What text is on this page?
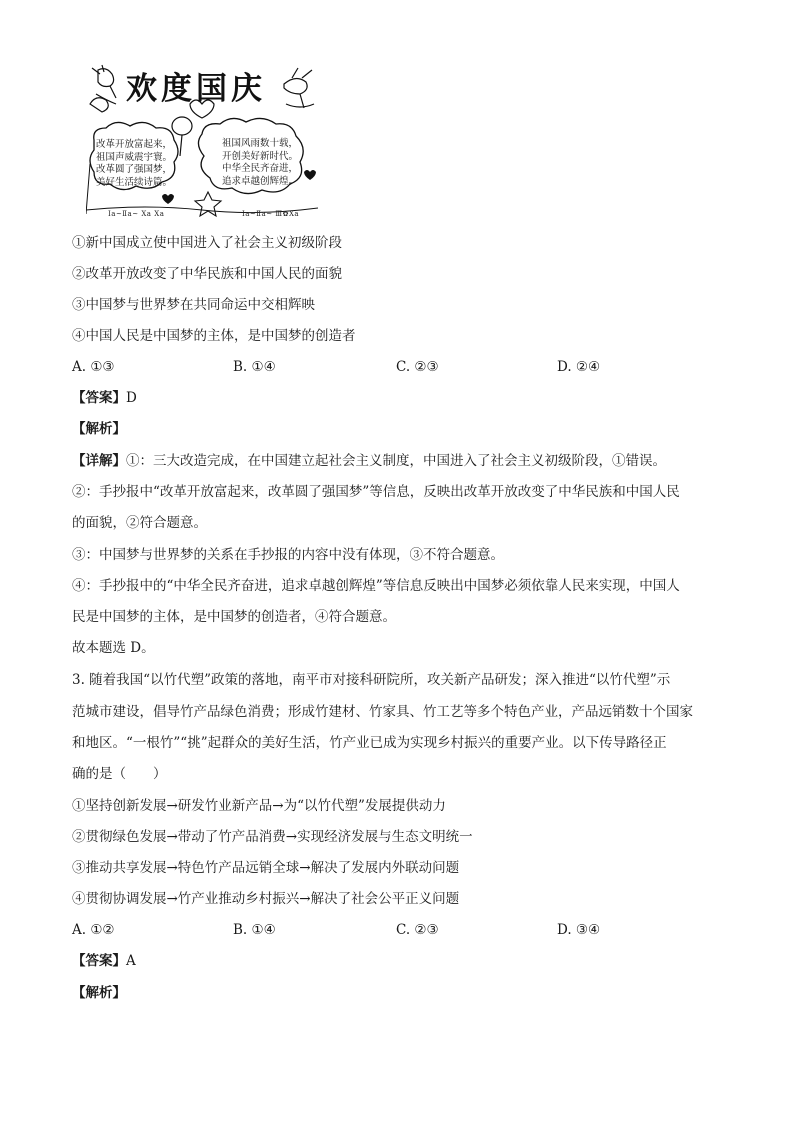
欢度国庆
改革开放富起来，
祖国声威震宇寰。
改革圆了强国梦，
美好生活续诗篇。
祖国风雨数十载，
开创美好新时代。
中华全民齐奋进，
追求卓越创辉煌。
Ⅰa~Ⅱa~ Ⅹa Ⅹa	Ⅰa~Ⅱa~ Ⅲ✿Ⅹa
①新中国成立使中国进入了社会主义初级阶段
②改革开放改变了中华民族和中国人民的面貌
③中国梦与世界梦在共同命运中交相辉映
④中国人民是中国梦的主体，是中国梦的创造者
A. ①③	B. ①④	C. ②③	D. ②④
【答案】D
【解析】
【详解】①：三大改造完成，在中国建立起社会主义制度，中国进入了社会主义初级阶段，①错误。
②：手抄报中“改革开放富起来，改革圆了强国梦”等信息，反映出改革开放改变了中华民族和中国人民
的面貌，②符合题意。
③：中国梦与世界梦的关系在手抄报的内容中没有体现，③不符合题意。
④：手抄报中的“中华全民齐奋进，追求卓越创辉煌”等信息反映出中国梦必须依靠人民来实现，中国人
民是中国梦的主体，是中国梦的创造者，④符合题意。
故本题选 D。
3. 随着我国“以竹代塑”政策的落地，南平市对接科研院所，攻关新产品研发；深入推进“以竹代塑”示
范城市建设，倡导竹产品绿色消费；形成竹建材、竹家具、竹工艺等多个特色产业，产品远销数十个国家
和地区。“一根竹”“挑”起群众的美好生活，竹产业已成为实现乡村振兴的重要产业。以下传导路径正
确的是（　　）
①坚持创新发展→研发竹业新产品→为“以竹代塑”发展提供动力
②贯彻绿色发展→带动了竹产品消费→实现经济发展与生态文明统一
③推动共享发展→特色竹产品远销全球→解决了发展内外联动问题
④贯彻协调发展→竹产业推动乡村振兴→解决了社会公平正义问题
A. ①②	B. ①④	C. ②③	D. ③④
【答案】A
【解析】
